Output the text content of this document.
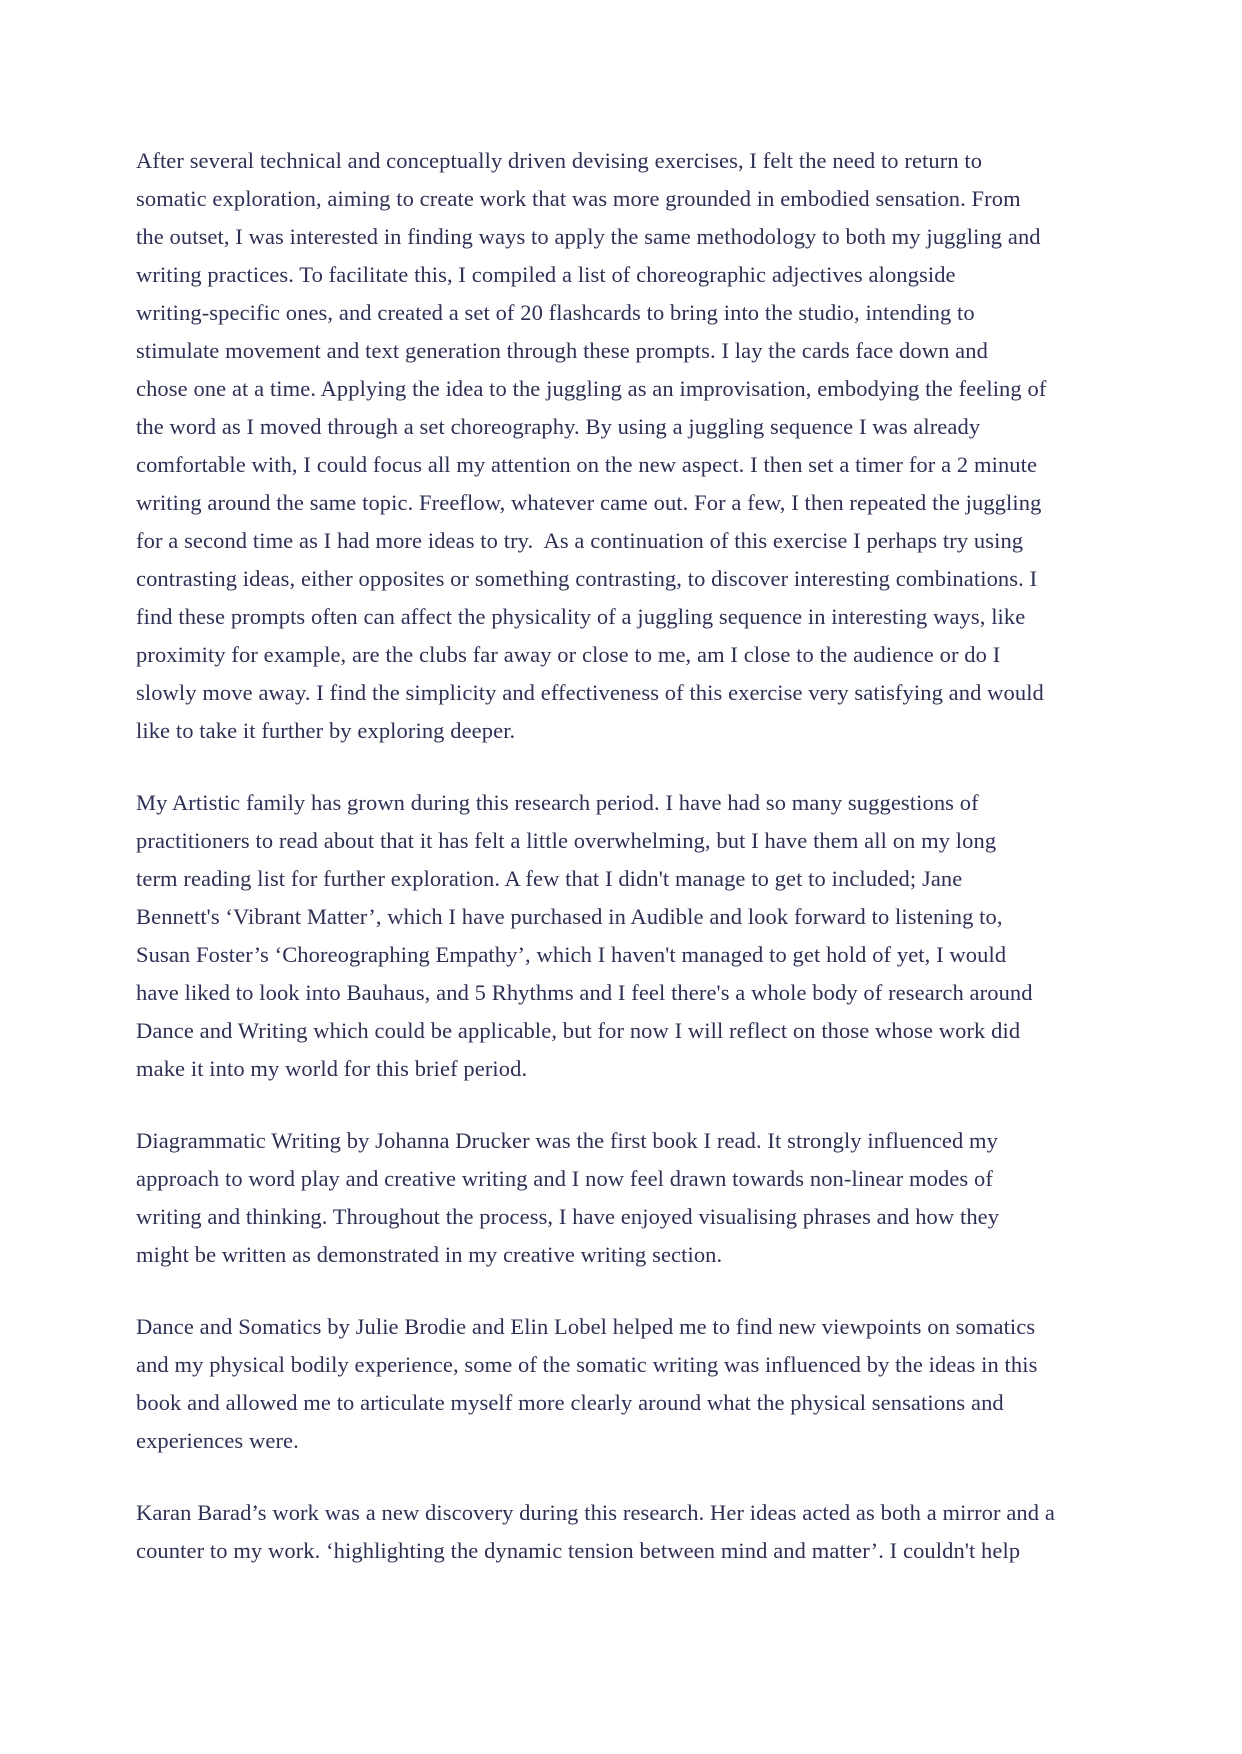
After several technical and conceptually driven devising exercises, I felt the need to return to
somatic exploration, aiming to create work that was more grounded in embodied sensation. From
the outset, I was interested in finding ways to apply the same methodology to both my juggling and
writing practices. To facilitate this, I compiled a list of choreographic adjectives alongside
writing-specific ones, and created a set of 20 flashcards to bring into the studio, intending to
stimulate movement and text generation through these prompts. I lay the cards face down and
chose one at a time. Applying the idea to the juggling as an improvisation, embodying the feeling of
the word as I moved through a set choreography. By using a juggling sequence I was already
comfortable with, I could focus all my attention on the new aspect. I then set a timer for a 2 minute
writing around the same topic. Freeflow, whatever came out. For a few, I then repeated the juggling
for a second time as I had more ideas to try.  As a continuation of this exercise I perhaps try using
contrasting ideas, either opposites or something contrasting, to discover interesting combinations. I
find these prompts often can affect the physicality of a juggling sequence in interesting ways, like
proximity for example, are the clubs far away or close to me, am I close to the audience or do I
slowly move away. I find the simplicity and effectiveness of this exercise very satisfying and would
like to take it further by exploring deeper.
My Artistic family has grown during this research period. I have had so many suggestions of
practitioners to read about that it has felt a little overwhelming, but I have them all on my long
term reading list for further exploration. A few that I didn't manage to get to included; Jane
Bennett's ‘Vibrant Matter’, which I have purchased in Audible and look forward to listening to,
Susan Foster’s ‘Choreographing Empathy’, which I haven't managed to get hold of yet, I would
have liked to look into Bauhaus, and 5 Rhythms and I feel there's a whole body of research around
Dance and Writing which could be applicable, but for now I will reflect on those whose work did
make it into my world for this brief period.
Diagrammatic Writing by Johanna Drucker was the first book I read. It strongly influenced my
approach to word play and creative writing and I now feel drawn towards non-linear modes of
writing and thinking. Throughout the process, I have enjoyed visualising phrases and how they
might be written as demonstrated in my creative writing section.
Dance and Somatics by Julie Brodie and Elin Lobel helped me to find new viewpoints on somatics
and my physical bodily experience, some of the somatic writing was influenced by the ideas in this
book and allowed me to articulate myself more clearly around what the physical sensations and
experiences were.
Karan Barad’s work was a new discovery during this research. Her ideas acted as both a mirror and a
counter to my work. ‘highlighting the dynamic tension between mind and matter’. I couldn't help
